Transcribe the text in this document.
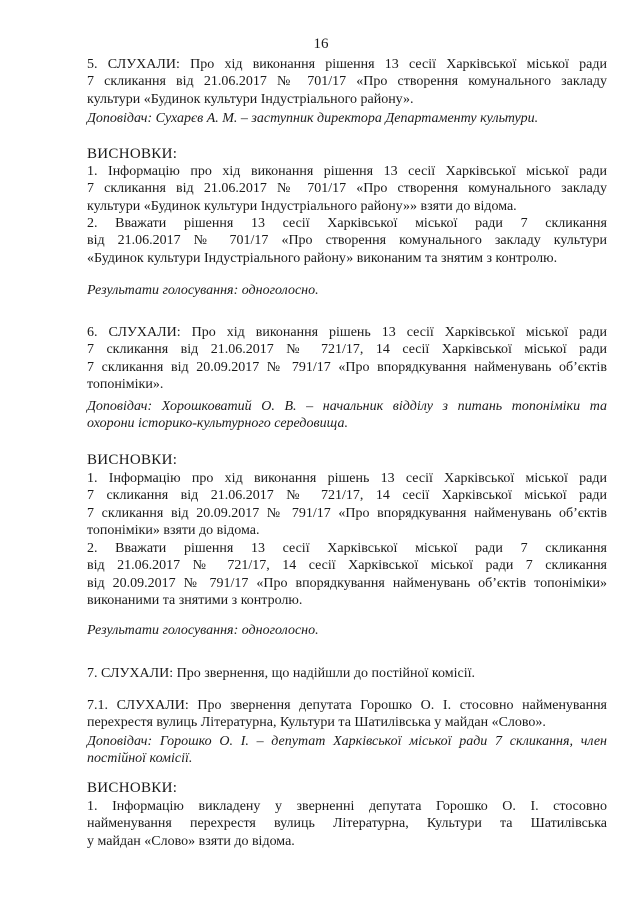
16
5. СЛУХАЛИ: Про хід виконання рішення 13 сесії Харківської міської ради
7 скликання від 21.06.2017 № 701/17 «Про створення комунального закладу
культури «Будинок культури Індустріального району».
Доповідач: Сухарєв А. М. – заступник директора Департаменту культури.
ВИСНОВКИ:
1. Інформацію про хід виконання рішення 13 сесії Харківської міської ради
7 скликання від 21.06.2017 № 701/17 «Про створення комунального закладу
культури «Будинок культури Індустріального району»» взяти до відома.
2. Вважати рішення 13 сесії Харківської міської ради 7 скликання
від 21.06.2017 № 701/17 «Про створення комунального закладу культури
«Будинок культури Індустріального району» виконаним та знятим з контролю.
Результати голосування: одноголосно.
6. СЛУХАЛИ: Про хід виконання рішень 13 сесії Харківської міської ради
7 скликання від 21.06.2017 № 721/17, 14 сесії Харківської міської ради
7 скликання від 20.09.2017 № 791/17 «Про впорядкування найменувань об’єктів
топоніміки».
Доповідач: Хорошковатий О. В. – начальник відділу з питань топоніміки та
охорони історико-культурного середовища.
ВИСНОВКИ:
1. Інформацію про хід виконання рішень 13 сесії Харківської міської ради
7 скликання від 21.06.2017 № 721/17, 14 сесії Харківської міської ради
7 скликання від 20.09.2017 № 791/17 «Про впорядкування найменувань об’єктів
топоніміки» взяти до відома.
2. Вважати рішення 13 сесії Харківської міської ради 7 скликання
від 21.06.2017 № 721/17, 14 сесії Харківської міської ради 7 скликання
від 20.09.2017 № 791/17 «Про впорядкування найменувань об’єктів топоніміки»
виконаними та знятими з контролю.
Результати голосування: одноголосно.
7. СЛУХАЛИ: Про звернення, що надійшли до постійної комісії.
7.1. СЛУХАЛИ: Про звернення депутата Горошко О. І. стосовно найменування
перехрестя вулиць Літературна, Культури та Шатилівська у майдан «Слово».
Доповідач: Горошко О. І. – депутат Харківської міської ради 7 скликання, член
постійної комісії.
ВИСНОВКИ:
1. Інформацію викладену у зверненні депутата Горошко О. І. стосовно
найменування перехрестя вулиць Літературна, Культури та Шатилівська
у майдан «Слово» взяти до відома.
